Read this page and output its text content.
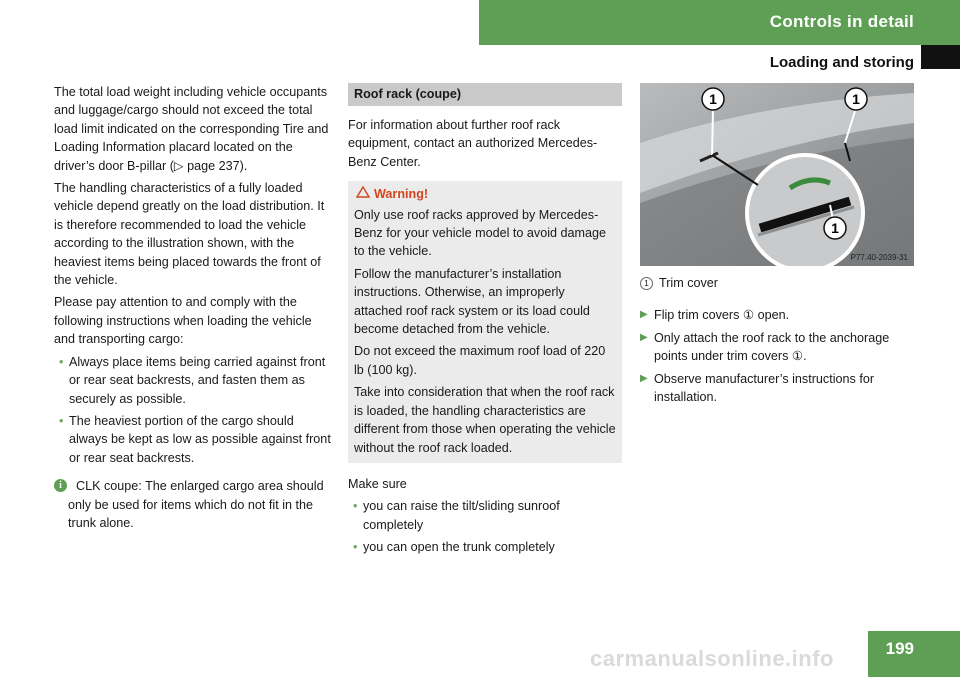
Controls in detail
Loading and storing

The total load weight including vehicle occupants and luggage/cargo should not exceed the total load limit indicated on the corresponding Tire and Loading Information placard located on the driver’s door B-pillar (▷ page 237).

The handling characteristics of a fully loaded vehicle depend greatly on the load distribution. It is therefore recommended to load the vehicle according to the illustration shown, with the heaviest items being placed towards the front of the vehicle.

Please pay attention to and comply with the following instructions when loading the vehicle and transporting cargo:

• Always place items being carried against front or rear seat backrests, and fasten them as securely as possible.
• The heaviest portion of the cargo should always be kept as low as possible against front or rear seat backrests.
i	CLK coupe: The enlarged cargo area should only be used for items which do not fit in the trunk alone.
Roof rack (coupe)

For information about further roof rack equipment, contact an authorized Mercedes-Benz Center.

Warning!

Only use roof racks approved by Mercedes-Benz for your vehicle model to avoid damage to the vehicle.

Follow the manufacturer’s installation instructions. Otherwise, an improperly attached roof rack system or its load could become detached from the vehicle.

Do not exceed the maximum roof load of 220 lb (100 kg).

Take into consideration that when the roof rack is loaded, the handling characteristics are different from those when operating the vehicle without the roof rack loaded.

Make sure

• you can raise the tilt/sliding sunroof completely
• you can open the trunk completely
1	1
1
P77.40-2039-31

1 Trim cover

▶ Flip trim covers ① open.
▶ Only attach the roof rack to the anchorage points under trim covers ①.
▶ Observe manufacturer’s instructions for installation.
199
carmanualsonline.info
